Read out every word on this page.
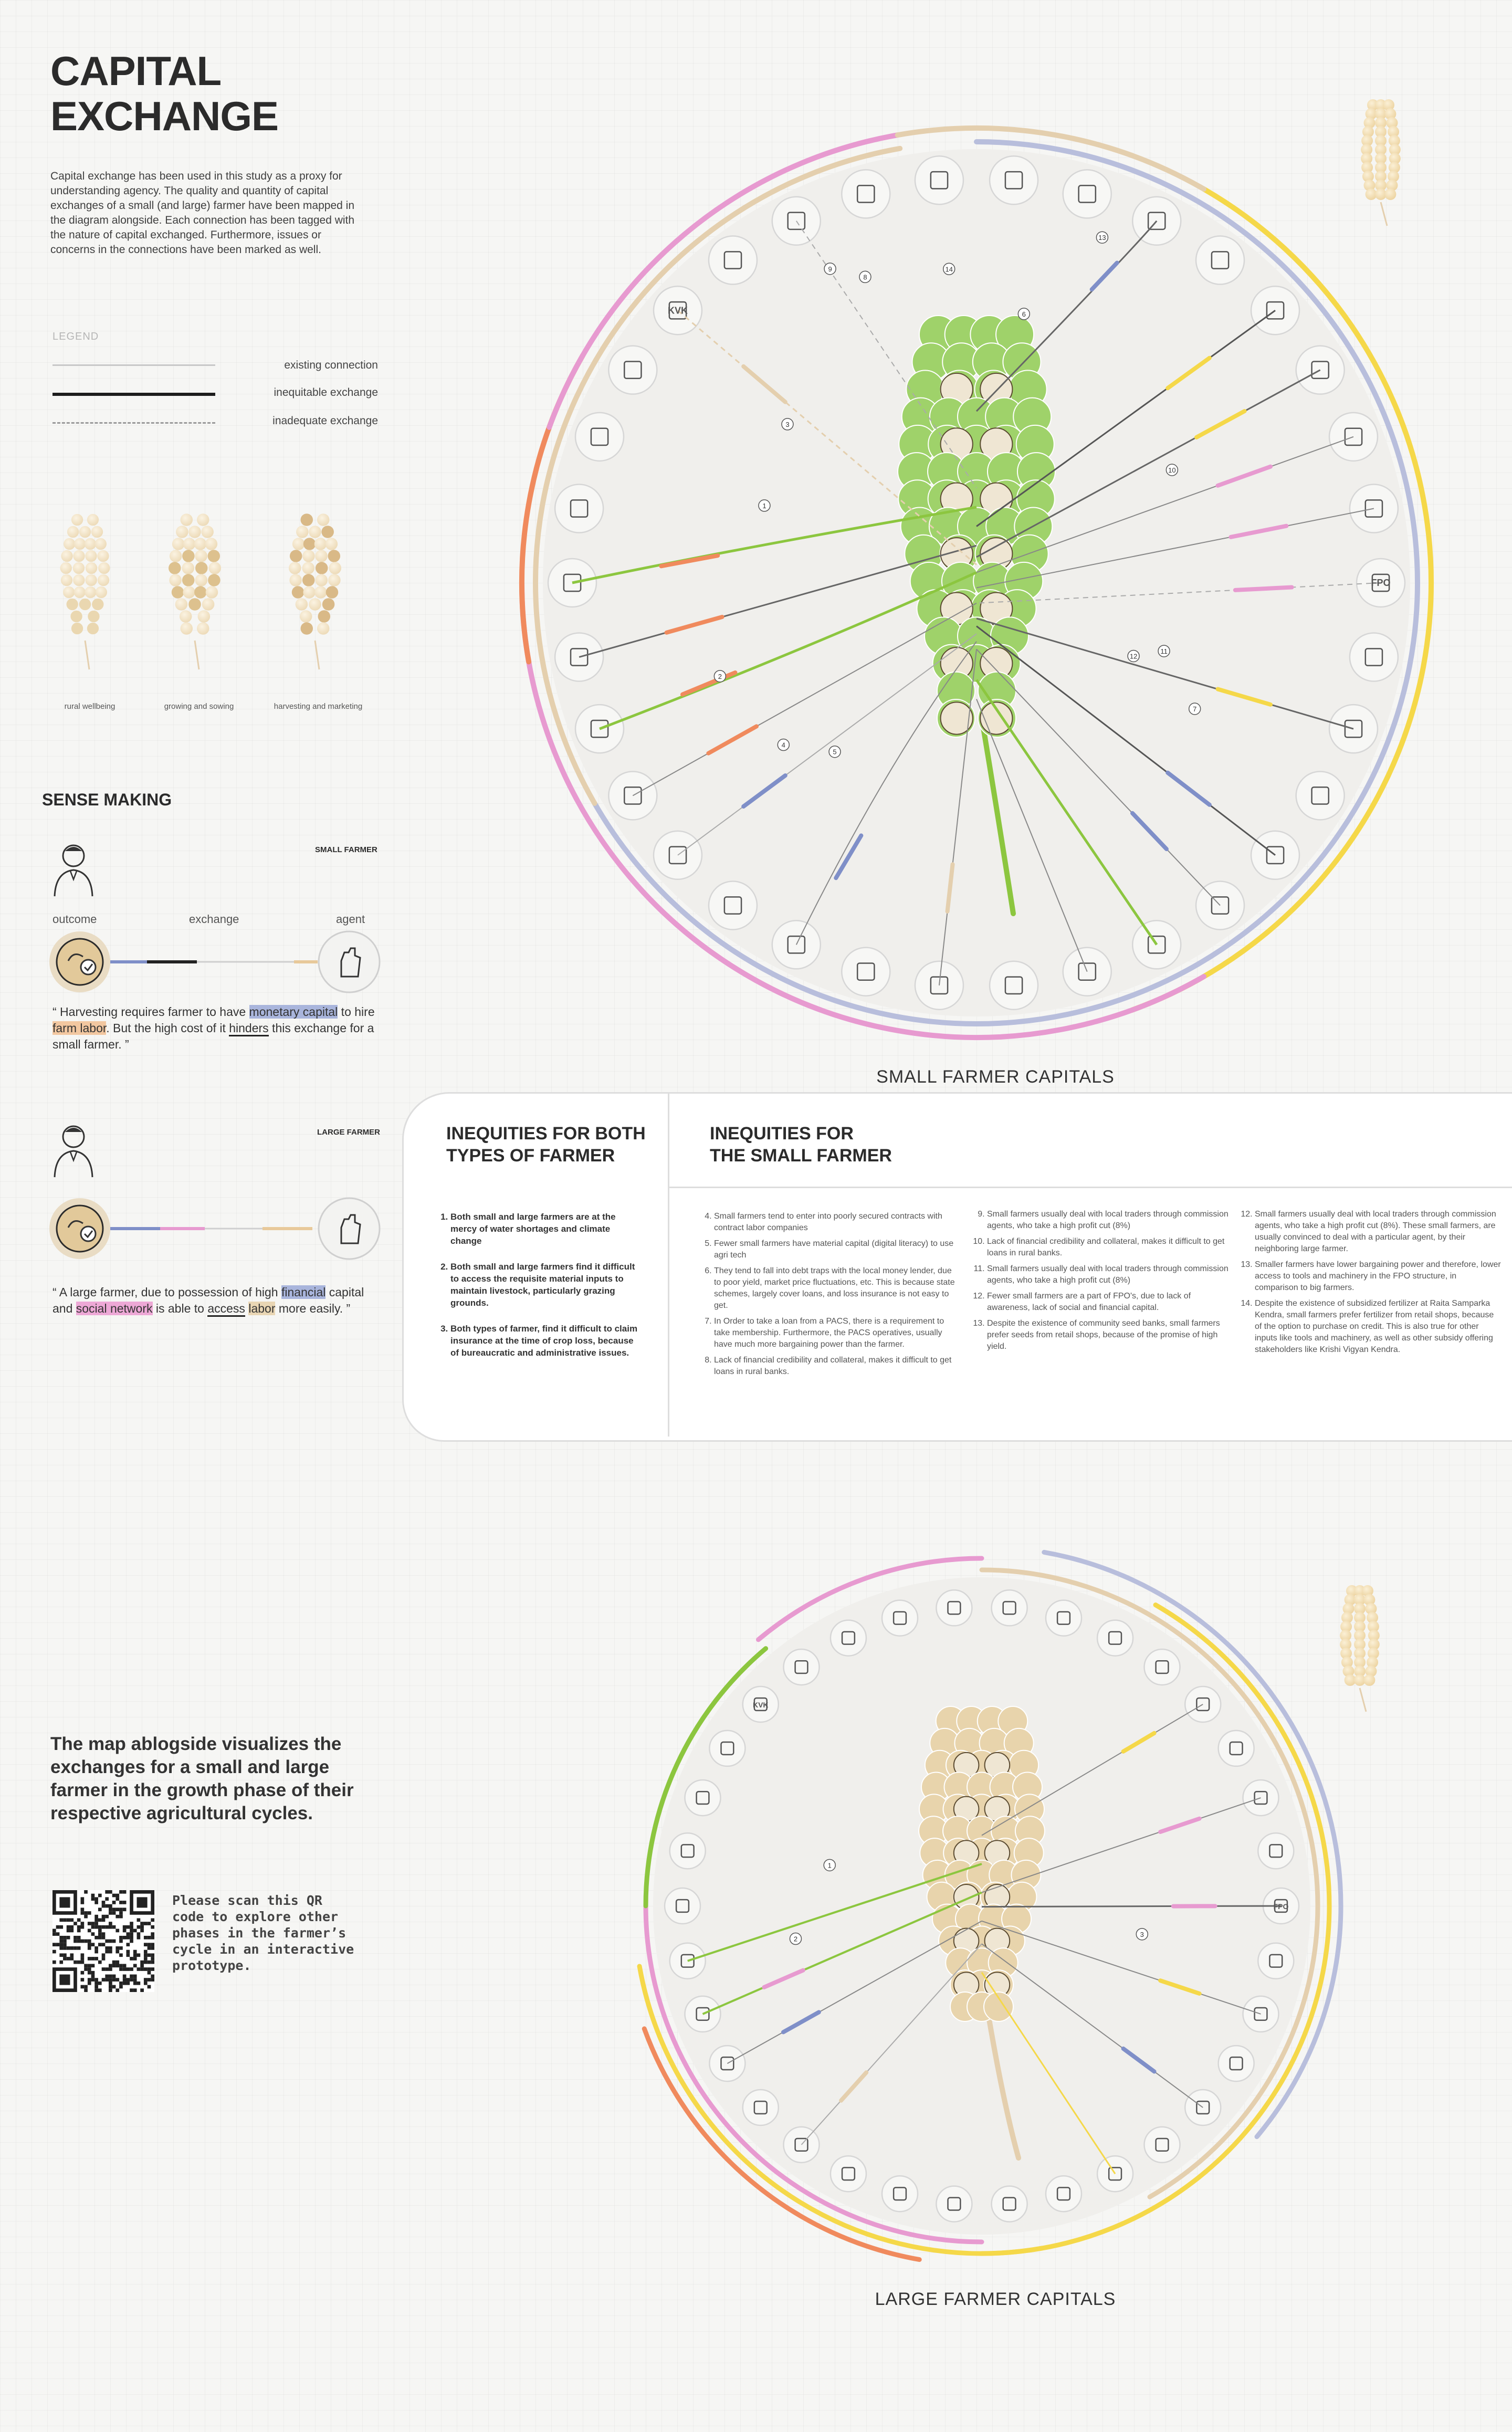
CAPITAL
EXCHANGE
Capital exchange has been used in this study as a proxy for understanding agency. The quality and quantity of capital exchanges of a small (and large) farmer have been mapped in the diagram alongside. Each connection has been tagged with the nature of capital exchanged. Furthermore, issues or concerns in the connections have been marked as well.
LEGEND
existing connection
inequitable exchange
inadequate exchange
rural wellbeing	growing and sowing	harvesting and marketing
SENSE MAKING
SMALL FARMER
outcome	exchange	agent
“ Harvesting requires farmer to have monetary capital to hire farm labor. But the high cost of it hinders this exchange for a small farmer. ”
LARGE FARMER
“ A large farmer, due to possession of high financial capital and social network is able to access labor more easily. ”
1
2
3
4
5
6
7
8
9
10
11
12
13
14
KVK
FPO
SMALL FARMER CAPITALS
INEQUITIES FOR BOTH
TYPES OF FARMER
1. Both small and large farmers are at the mercy of water shortages and climate change
2. Both small and large farmers find it difficult to access the requisite material inputs to maintain livestock, particularly grazing grounds.
3. Both types of farmer, find it difficult to claim insurance at the time of crop loss, because of bureaucratic and administrative issues.
INEQUITIES FOR
THE SMALL FARMER
4. Small farmers tend to enter into poorly secured contracts with contract labor companies
5. Fewer small farmers have material capital (digital literacy) to use agri tech
6. They tend to fall into debt traps with the local money lender, due to poor yield, market price fluctuations, etc. This is because state schemes, largely cover loans, and loss insurance is not easy to get.
7. In Order to take a loan from a PACS, there is a requirement to take membership. Furthermore, the PACS operatives, usually have much more bargaining power than the farmer.
8. Lack of financial credibility and collateral, makes it difficult to get loans in rural banks.
9. Small farmers usually deal with local traders through commission agents, who take a high profit cut (8%)
10. Lack of financial credibility and collateral, makes it difficult to get loans in rural banks.
11. Small farmers usually deal with local traders through commission agents, who take a high profit cut (8%)
12. Fewer small farmers are a part of FPO's, due to lack of awareness, lack of social and financial capital.
13. Despite the existence of community seed banks, small farmers prefer seeds from retail shops, because of the promise of high yield.
12. Small farmers usually deal with local traders through commission agents, who take a high profit cut (8%). These small farmers, are usually convinced to deal with a particular agent, by their neighboring large farmer.
13. Smaller farmers have lower bargaining power and therefore, lower access to tools and machinery in the FPO structure, in comparison to big farmers.
14. Despite the existence of subsidized fertilizer at Raita Samparka Kendra, small farmers prefer fertilizer from retail shops, because of the option to purchase on credit. This is also true for other inputs like tools and machinery, as well as other subsidy offering stakeholders like Krishi Vigyan Kendra.
The map ablogside visualizes the exchanges for a small and large farmer in the growth phase of their respective agricultural cycles.
Please scan this QR code to explore other phases in the farmer’s cycle in an interactive prototype.
1
2
3
KVK
FPO
LARGE FARMER CAPITALS
